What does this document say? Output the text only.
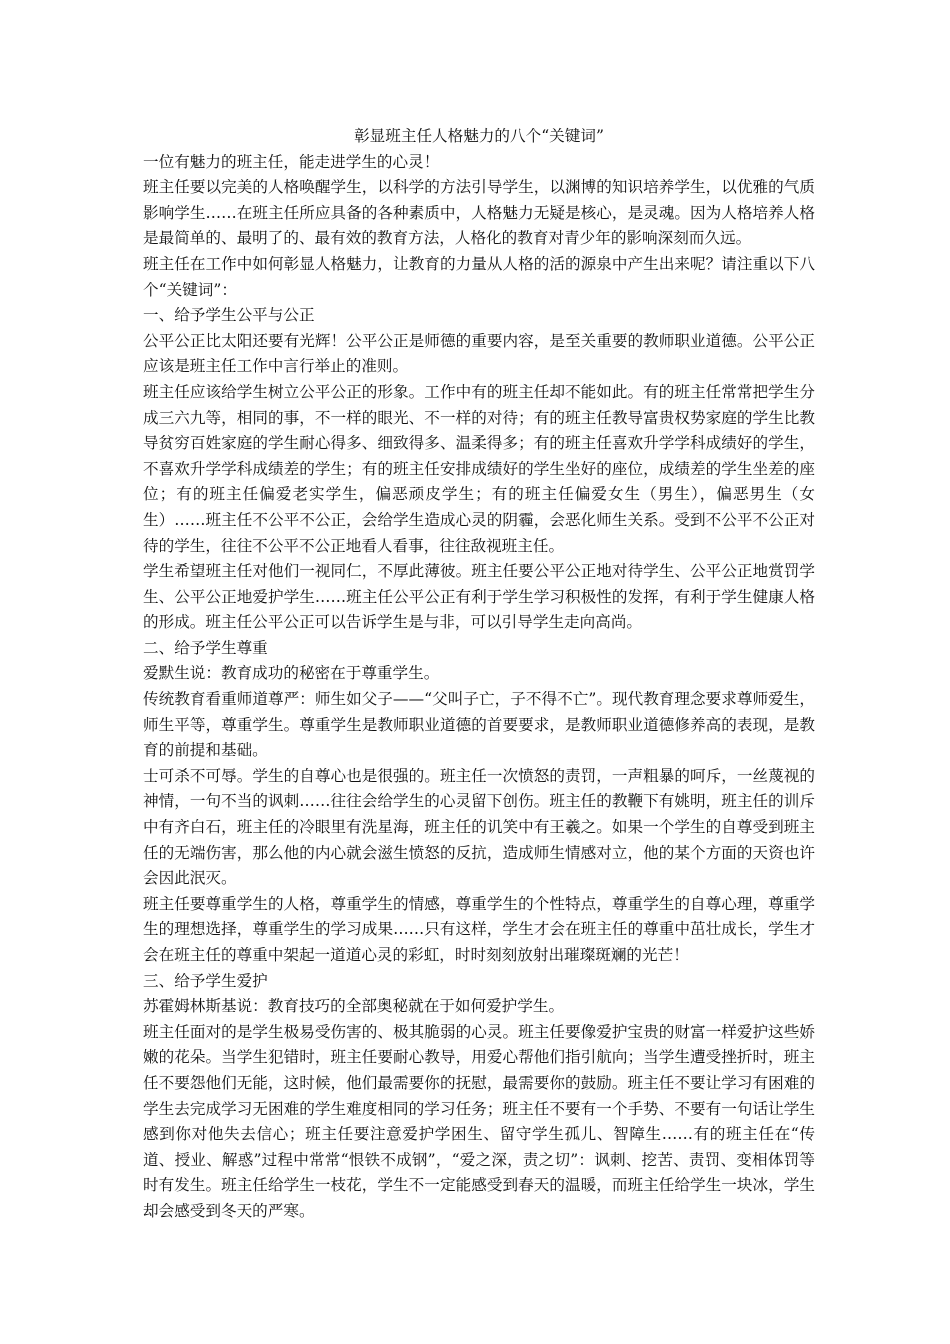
彰显班主任人格魅力的八个“关键词”

一位有魅力的班主任，能走进学生的心灵！

班主任要以完美的人格唤醒学生，以科学的方法引导学生，以渊博的知识培养学生，以优雅的气质影响学生……在班主任所应具备的各种素质中，人格魅力无疑是核心，是灵魂。因为人格培养人格是最简单的、最明了的、最有效的教育方法，人格化的教育对青少年的影响深刻而久远。

班主任在工作中如何彰显人格魅力，让教育的力量从人格的活的源泉中产生出来呢？请注重以下八个“关键词”：

一、给予学生公平与公正

公平公正比太阳还要有光辉！公平公正是师德的重要内容，是至关重要的教师职业道德。公平公正应该是班主任工作中言行举止的准则。

班主任应该给学生树立公平公正的形象。工作中有的班主任却不能如此。有的班主任常常把学生分成三六九等，相同的事，不一样的眼光、不一样的对待；有的班主任教导富贵权势家庭的学生比教导贫穷百姓家庭的学生耐心得多、细致得多、温柔得多；有的班主任喜欢升学学科成绩好的学生，不喜欢升学学科成绩差的学生；有的班主任安排成绩好的学生坐好的座位，成绩差的学生坐差的座位；有的班主任偏爱老实学生，偏恶顽皮学生；有的班主任偏爱女生（男生），偏恶男生（女生）……班主任不公平不公正，会给学生造成心灵的阴霾，会恶化师生关系。受到不公平不公正对待的学生，往往不公平不公正地看人看事，往往敌视班主任。

学生希望班主任对他们一视同仁，不厚此薄彼。班主任要公平公正地对待学生、公平公正地赏罚学生、公平公正地爱护学生……班主任公平公正有利于学生学习积极性的发挥，有利于学生健康人格的形成。班主任公平公正可以告诉学生是与非，可以引导学生走向高尚。

二、给予学生尊重

爱默生说：教育成功的秘密在于尊重学生。

传统教育看重师道尊严：师生如父子——“父叫子亡，子不得不亡”。现代教育理念要求尊师爱生，师生平等，尊重学生。尊重学生是教师职业道德的首要要求，是教师职业道德修养高的表现，是教育的前提和基础。

士可杀不可辱。学生的自尊心也是很强的。班主任一次愤怒的责罚，一声粗暴的呵斥，一丝蔑视的神情，一句不当的讽刺……往往会给学生的心灵留下创伤。班主任的教鞭下有姚明，班主任的训斥中有齐白石，班主任的冷眼里有洗星海，班主任的讥笑中有王羲之。如果一个学生的自尊受到班主任的无端伤害，那么他的内心就会滋生愤怒的反抗，造成师生情感对立，他的某个方面的天资也许会因此泯灭。

班主任要尊重学生的人格，尊重学生的情感，尊重学生的个性特点，尊重学生的自尊心理，尊重学生的理想选择，尊重学生的学习成果……只有这样，学生才会在班主任的尊重中茁壮成长，学生才会在班主任的尊重中架起一道道心灵的彩虹，时时刻刻放射出璀璨斑斓的光芒！

三、给予学生爱护

苏霍姆林斯基说：教育技巧的全部奥秘就在于如何爱护学生。

班主任面对的是学生极易受伤害的、极其脆弱的心灵。班主任要像爱护宝贵的财富一样爱护这些娇嫩的花朵。当学生犯错时，班主任要耐心教导，用爱心帮他们指引航向；当学生遭受挫折时，班主任不要怨他们无能，这时候，他们最需要你的抚慰，最需要你的鼓励。班主任不要让学习有困难的学生去完成学习无困难的学生难度相同的学习任务；班主任不要有一个手势、不要有一句话让学生感到你对他失去信心；班主任要注意爱护学困生、留守学生孤儿、智障生……有的班主任在“传道、授业、解惑”过程中常常“恨铁不成钢”，“爱之深，责之切”：讽刺、挖苦、责罚、变相体罚等时有发生。班主任给学生一枝花，学生不一定能感受到春天的温暖，而班主任给学生一块冰，学生却会感受到冬天的严寒。
